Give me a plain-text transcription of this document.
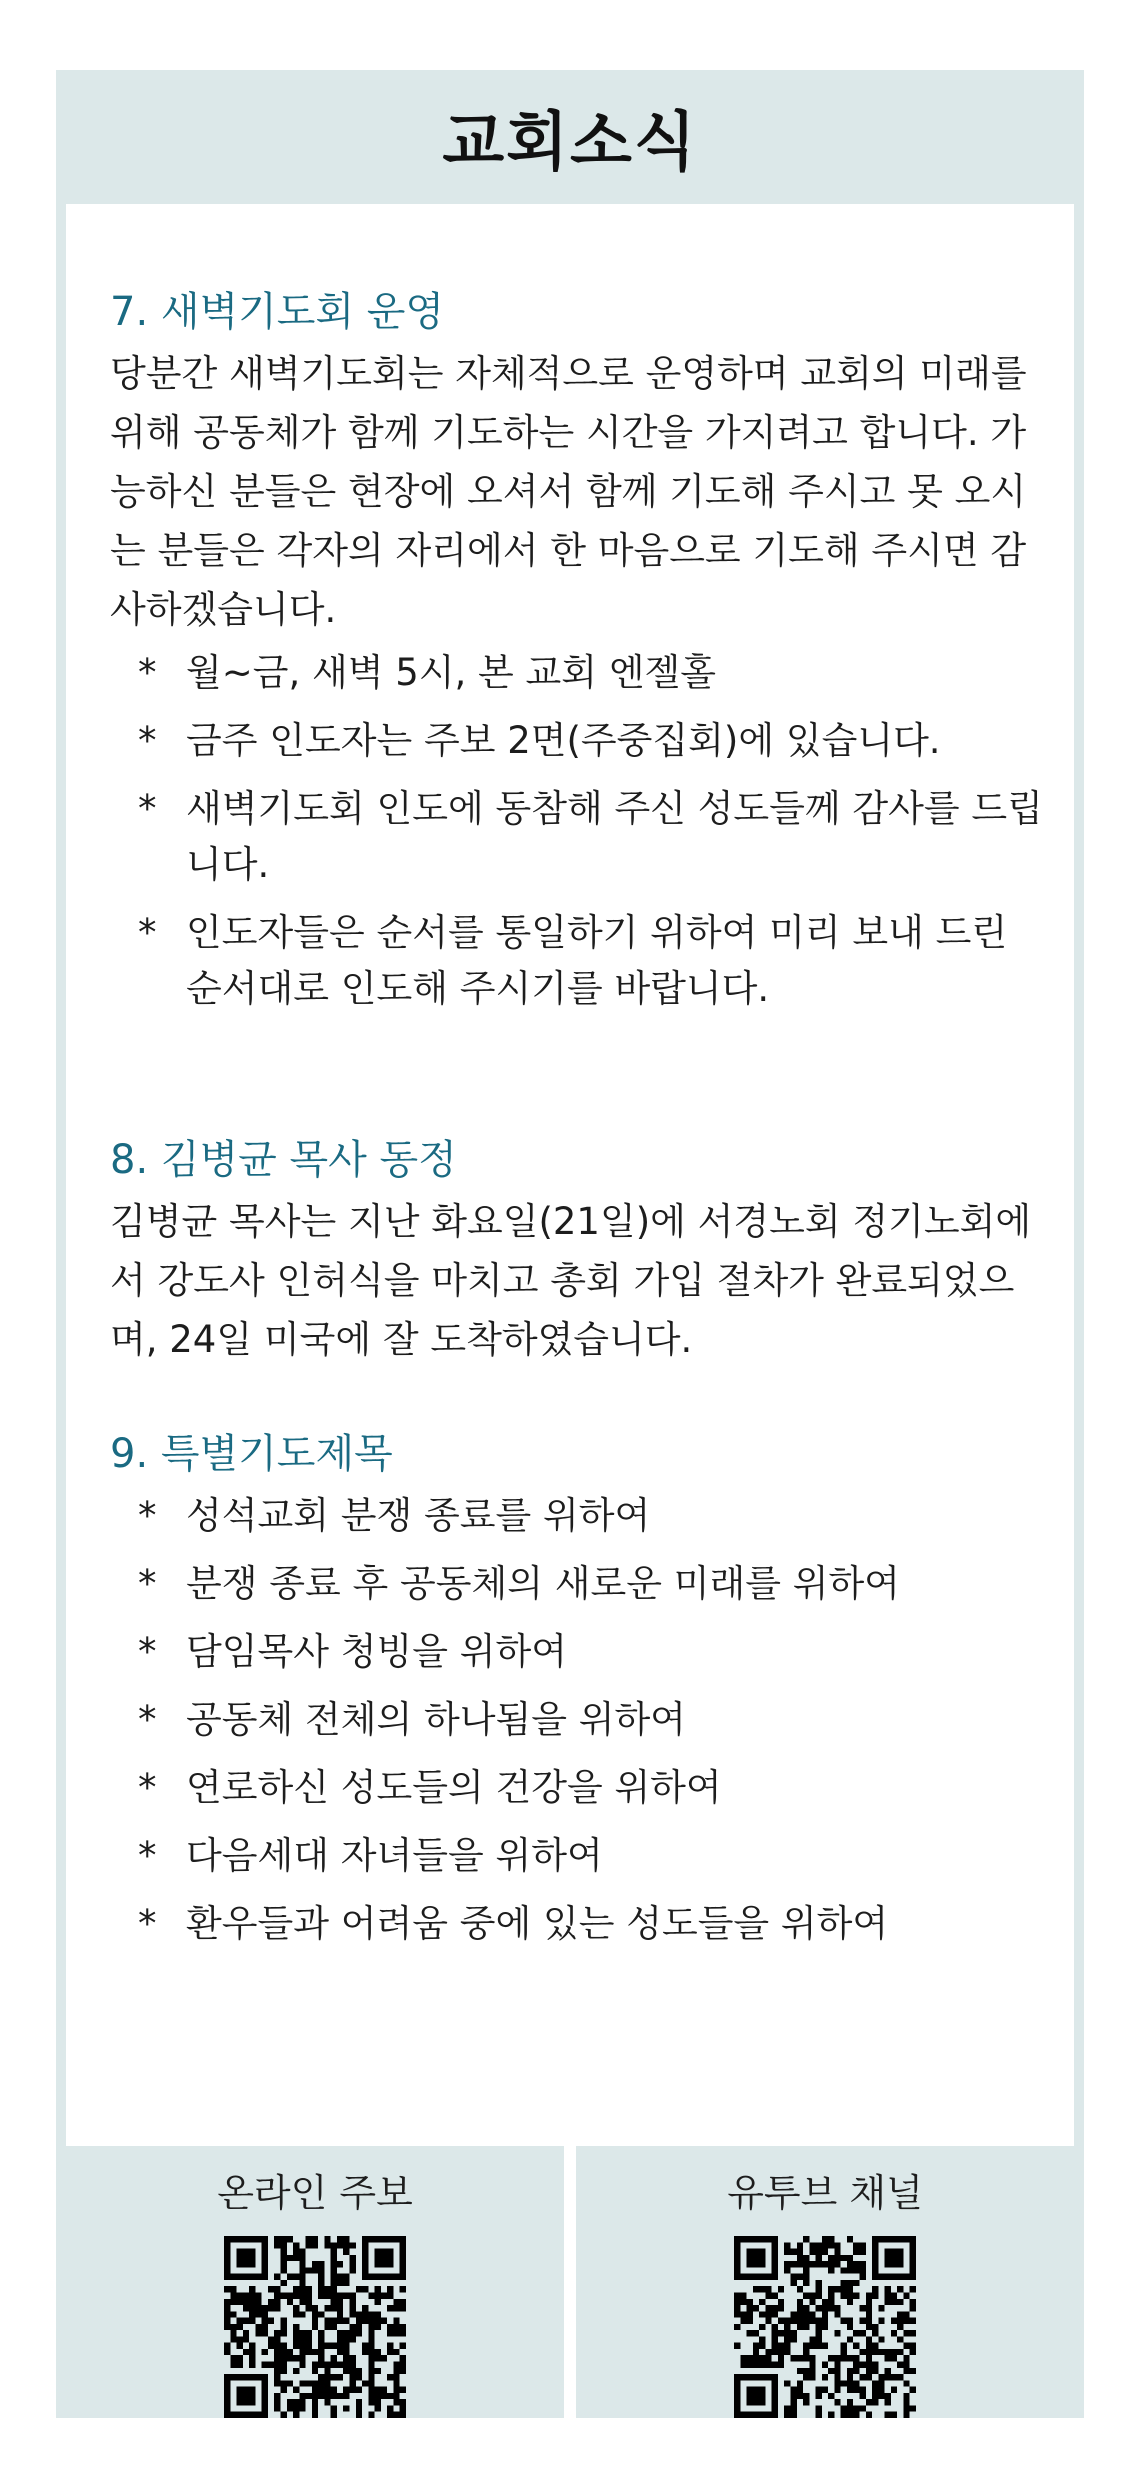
교회소식
7. 새벽기도회 운영

당분간 새벽기도회는 자체적으로 운영하며 교회의 미래를 위해 공동체가 함께 기도하는 시간을 가지려고 합니다. 가능하신 분들은 현장에 오셔서 함께 기도해 주시고 못 오시는 분들은 각자의 자리에서 한 마음으로 기도해 주시면 감사하겠습니다.

* 월~금, 새벽 5시, 본 교회 엔젤홀
* 금주 인도자는 주보 2면(주중집회)에 있습니다.
* 새벽기도회 인도에 동참해 주신 성도들께 감사를 드립니다.
* 인도자들은 순서를 통일하기 위하여 미리 보내 드린 순서대로 인도해 주시기를 바랍니다.
8. 김병균 목사 동정

김병균 목사는 지난 화요일(21일)에 서경노회 정기노회에서 강도사 인허식을 마치고 총회 가입 절차가 완료되었으며, 24일 미국에 잘 도착하였습니다.

9. 특별기도제목
* 성석교회 분쟁 종료를 위하여
* 분쟁 종료 후 공동체의 새로운 미래를 위하여
* 담임목사 청빙을 위하여
* 공동체 전체의 하나됨을 위하여
* 연로하신 성도들의 건강을 위하여
* 다음세대 자녀들을 위하여
* 환우들과 어려움 중에 있는 성도들을 위하여
온라인 주보	유투브 채널
